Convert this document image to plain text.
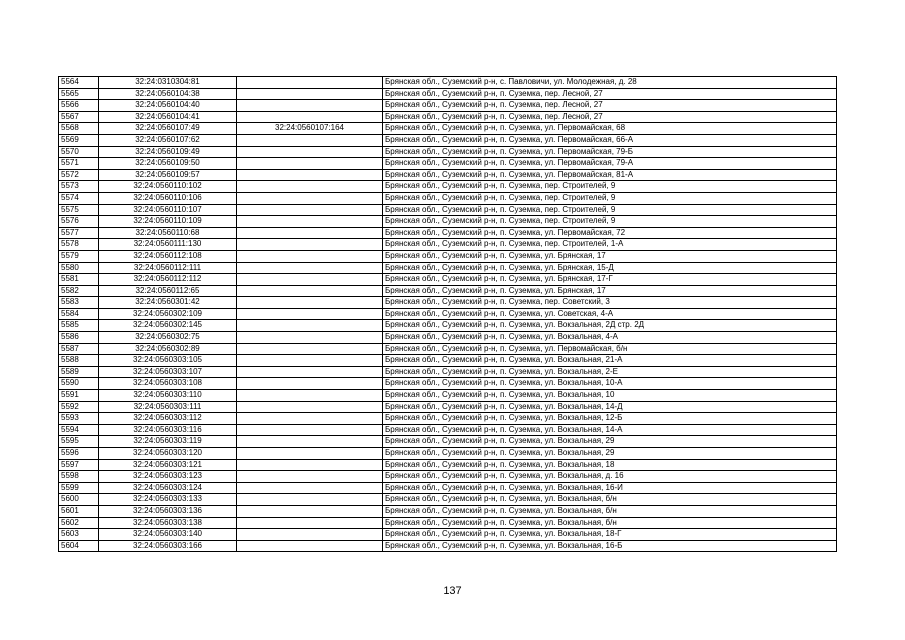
5564	32:24:0310304:81		Брянская обл., Суземский р-н, с. Павловичи, ул. Молодежная, д. 28
5565	32:24:0560104:38		Брянская обл., Суземский р-н, п. Суземка, пер. Лесной, 27
5566	32:24:0560104:40		Брянская обл., Суземский р-н, п. Суземка, пер. Лесной, 27
5567	32:24:0560104:41		Брянская обл., Суземский р-н, п. Суземка, пер. Лесной, 27
5568	32:24:0560107:49	32:24:0560107:164	Брянская обл., Суземский р-н, п. Суземка, ул. Первомайская, 68
5569	32:24:0560107:62		Брянская обл., Суземский р-н, п. Суземка, ул. Первомайская, 66-А
5570	32:24:0560109:49		Брянская обл., Суземский р-н, п. Суземка, ул. Первомайская, 79-Б
5571	32:24:0560109:50		Брянская обл., Суземский р-н, п. Суземка, ул. Первомайская, 79-А
5572	32:24:0560109:57		Брянская обл., Суземский р-н, п. Суземка, ул. Первомайская, 81-А
5573	32:24:0560110:102		Брянская обл., Суземский р-н, п. Суземка, пер. Строителей, 9
5574	32:24:0560110:106		Брянская обл., Суземский р-н, п. Суземка, пер. Строителей, 9
5575	32:24:0560110:107		Брянская обл., Суземский р-н, п. Суземка, пер. Строителей, 9
5576	32:24:0560110:109		Брянская обл., Суземский р-н, п. Суземка, пер. Строителей, 9
5577	32:24:0560110:68		Брянская обл., Суземский р-н, п. Суземка, ул. Первомайская, 72
5578	32:24:0560111:130		Брянская обл., Суземский р-н, п. Суземка, пер. Строителей, 1-А
5579	32:24:0560112:108		Брянская обл., Суземский р-н, п. Суземка, ул. Брянская, 17
5580	32:24:0560112:111		Брянская обл., Суземский р-н, п. Суземка, ул. Брянская, 15-Д
5581	32:24:0560112:112		Брянская обл., Суземский р-н, п. Суземка, ул. Брянская, 17-Г
5582	32:24:0560112:65		Брянская обл., Суземский р-н, п. Суземка, ул. Брянская, 17
5583	32:24:0560301:42		Брянская обл., Суземский р-н, п. Суземка, пер. Советский, 3
5584	32:24:0560302:109		Брянская обл., Суземский р-н, п. Суземка, ул. Советская, 4-А
5585	32:24:0560302:145		Брянская обл., Суземский р-н, п. Суземка, ул. Вокзальная, 2Д стр. 2Д
5586	32:24:0560302:75		Брянская обл., Суземский р-н, п. Суземка, ул. Вокзальная, 4-А
5587	32:24:0560302:89		Брянская обл., Суземский р-н, п. Суземка, ул. Первомайская, б/н
5588	32:24:0560303:105		Брянская обл., Суземский р-н, п. Суземка, ул. Вокзальная, 21-А
5589	32:24:0560303:107		Брянская обл., Суземский р-н, п. Суземка, ул. Вокзальная, 2-Е
5590	32:24:0560303:108		Брянская обл., Суземский р-н, п. Суземка, ул. Вокзальная, 10-А
5591	32:24:0560303:110		Брянская обл., Суземский р-н, п. Суземка, ул. Вокзальная, 10
5592	32:24:0560303:111		Брянская обл., Суземский р-н, п. Суземка, ул. Вокзальная, 14-Д
5593	32:24:0560303:112		Брянская обл., Суземский р-н, п. Суземка, ул. Вокзальная, 12-Б
5594	32:24:0560303:116		Брянская обл., Суземский р-н, п. Суземка, ул. Вокзальная, 14-А
5595	32:24:0560303:119		Брянская обл., Суземский р-н, п. Суземка, ул. Вокзальная, 29
5596	32:24:0560303:120		Брянская обл., Суземский р-н, п. Суземка, ул. Вокзальная, 29
5597	32:24:0560303:121		Брянская обл., Суземский р-н, п. Суземка, ул. Вокзальная, 18
5598	32:24:0560303:123		Брянская обл., Суземский р-н, п. Суземка, ул. Вокзальная, д. 16
5599	32:24:0560303:124		Брянская обл., Суземский р-н, п. Суземка, ул. Вокзальная, 16-И
5600	32:24:0560303:133		Брянская обл., Суземский р-н, п. Суземка, ул. Вокзальная, б/н
5601	32:24:0560303:136		Брянская обл., Суземский р-н, п. Суземка, ул. Вокзальная, б/н
5602	32:24:0560303:138		Брянская обл., Суземский р-н, п. Суземка, ул. Вокзальная, б/н
5603	32:24:0560303:140		Брянская обл., Суземский р-н, п. Суземка, ул. Вокзальная, 18-Г
5604	32:24:0560303:166		Брянская обл., Суземский р-н, п. Суземка, ул. Вокзальная, 16-Б
137
